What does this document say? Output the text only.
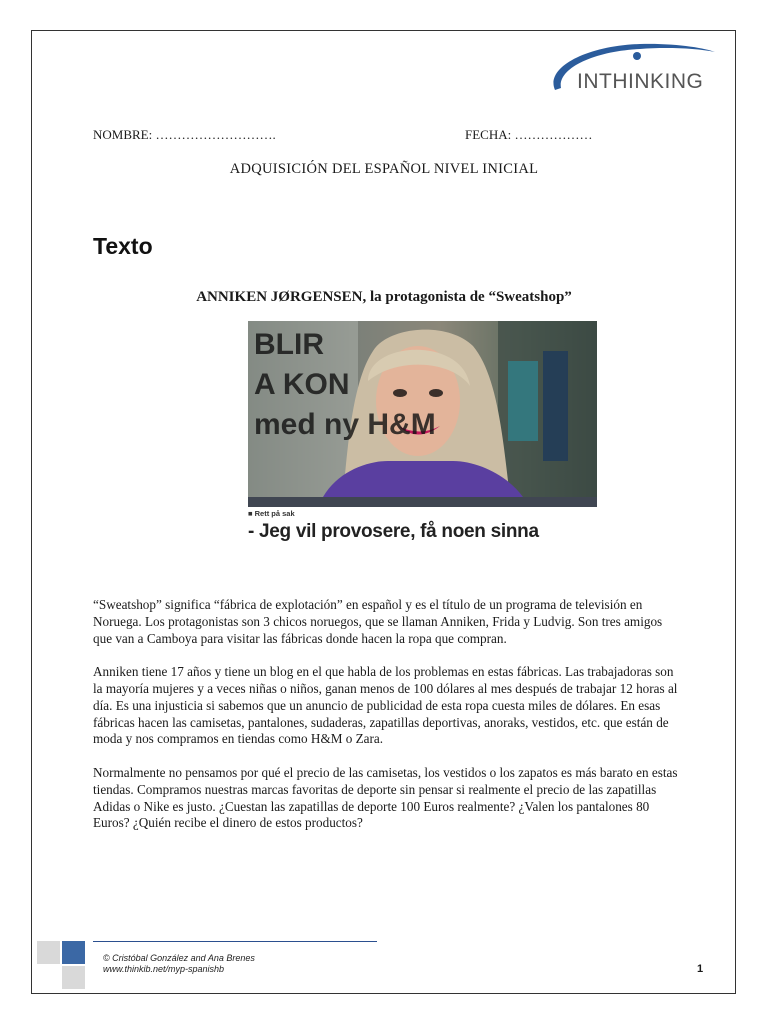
INTHINKING
NOMBRE: ……………………….	FECHA: ………………
ADQUISICIÓN DEL ESPAÑOL NIVEL INICIAL
Texto
ANNIKEN JØRGENSEN, la protagonista de “Sweatshop”
BLIR
A KON
med ny H&M
■ Rett på sak
- Jeg vil provosere, få noen sinna

“Sweatshop” significa “fábrica de explotación” en español y es el título de un programa de televisión en Noruega. Los protagonistas son 3 chicos noruegos, que se llaman Anniken, Frida y Ludvig. Son tres amigos que van a Camboya para visitar las fábricas donde hacen la ropa que compran.

Anniken tiene 17 años y tiene un blog en el que habla de los problemas en estas fábricas. Las trabajadoras son la mayoría mujeres y a veces niñas o niños, ganan menos de 100 dólares al mes después de trabajar 12 horas al día. Es una injusticia si sabemos que un anuncio de publicidad de esta ropa cuesta miles de dólares. En esas fábricas hacen las camisetas, pantalones, sudaderas, zapatillas deportivas, anoraks, vestidos, etc. que están de moda y nos compramos en tiendas como H&M o Zara.

Normalmente no pensamos por qué el precio de las camisetas, los vestidos o los zapatos es más barato en estas tiendas. Compramos nuestras marcas favoritas de deporte sin pensar si realmente el precio de las zapatillas Adidas o Nike es justo. ¿Cuestan las zapatillas de deporte 100 Euros realmente? ¿Valen los pantalones 80 Euros? ¿Quién recibe el dinero de estos productos?

© Cristóbal González and Ana Brenes
www.thinkib.net/myp-spanishb	1
